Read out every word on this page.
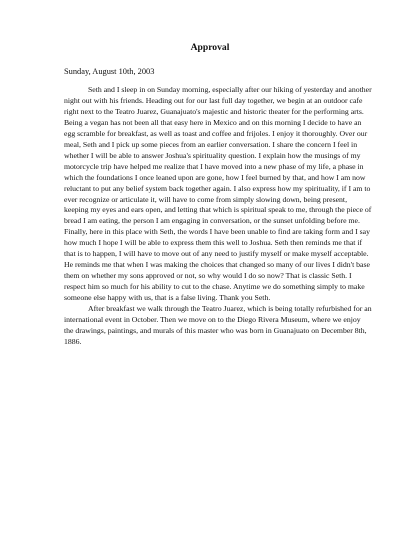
Approval
Sunday, August 10th, 2003

Seth and I sleep in on Sunday morning, especially after our hiking of yesterday and another night out with his friends. Heading out for our last full day together, we begin at an outdoor cafe right next to the Teatro Juarez, Guanajuato's majestic and historic theater for the performing arts. Being a vegan has not been all that easy here in Mexico and on this morning I decide to have an egg scramble for breakfast, as well as toast and coffee and frijoles. I enjoy it thoroughly. Over our meal, Seth and I pick up some pieces from an earlier conversation. I share the concern I feel in whether I will be able to answer Joshua's spirituality question. I explain how the musings of my motorcycle trip have helped me realize that I have moved into a new phase of my life, a phase in which the foundations I once leaned upon are gone, how I feel burned by that, and how I am now reluctant to put any belief system back together again. I also express how my spirituality, if I am to ever recognize or articulate it, will have to come from simply slowing down, being present, keeping my eyes and ears open, and letting that which is spiritual speak to me, through the piece of bread I am eating, the person I am engaging in conversation, or the sunset unfolding before me. Finally, here in this place with Seth, the words I have been unable to find are taking form and I say how much I hope I will be able to express them this well to Joshua. Seth then reminds me that if that is to happen, I will have to move out of any need to justify myself or make myself acceptable. He reminds me that when I was making the choices that changed so many of our lives I didn't base them on whether my sons approved or not, so why would I do so now? That is classic Seth. I respect him so much for his ability to cut to the chase. Anytime we do something simply to make someone else happy with us, that is a false living. Thank you Seth.

After breakfast we walk through the Teatro Juarez, which is being totally refurbished for an international event in October. Then we move on to the Diego Rivera Museum, where we enjoy the drawings, paintings, and murals of this master who was born in Guanajuato on December 8th, 1886.
